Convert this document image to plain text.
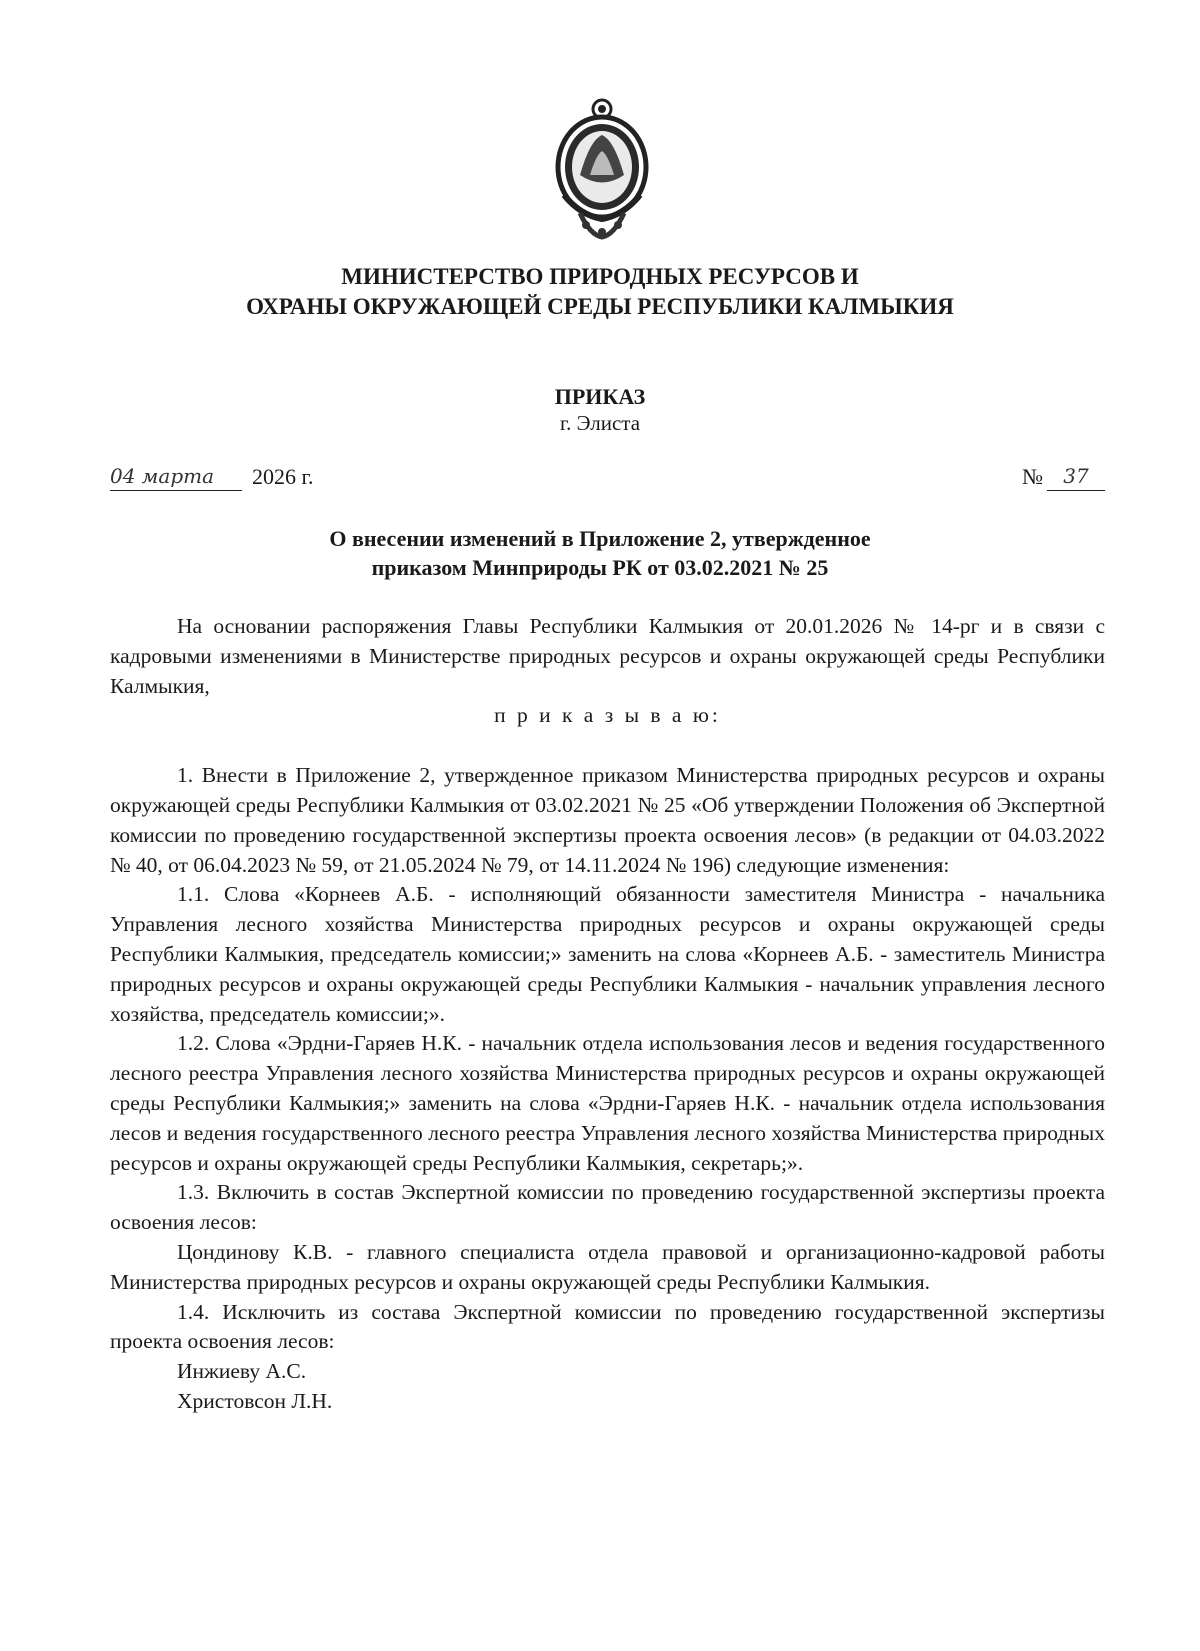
МИНИСТЕРСТВО ПРИРОДНЫХ РЕСУРСОВ И
ОХРАНЫ ОКРУЖАЮЩЕЙ СРЕДЫ РЕСПУБЛИКИ КАЛМЫКИЯ
ПРИКАЗ
г. Элиста
04 марта	2026 г.	№	37
О внесении изменений в Приложение 2, утвержденное
приказом Минприроды РК от 03.02.2021 № 25

На основании распоряжения Главы Республики Калмыкия от 20.01.2026 № 14-рг и в связи с кадровыми изменениями в Министерстве природных ресурсов и охраны окружающей среды Республики Калмыкия,

п р и к а з ы в а ю:

1. Внести в Приложение 2, утвержденное приказом Министерства природных ресурсов и охраны окружающей среды Республики Калмыкия от 03.02.2021 № 25 «Об утверждении Положения об Экспертной комиссии по проведению государственной экспертизы проекта освоения лесов» (в редакции от 04.03.2022 № 40, от 06.04.2023 № 59, от 21.05.2024 № 79, от 14.11.2024 № 196) следующие изменения:

1.1. Слова «Корнеев А.Б. - исполняющий обязанности заместителя Министра - начальника Управления лесного хозяйства Министерства природных ресурсов и охраны окружающей среды Республики Калмыкия, председатель комиссии;» заменить на слова «Корнеев А.Б. - заместитель Министра природных ресурсов и охраны окружающей среды Республики Калмыкия - начальник управления лесного хозяйства, председатель комиссии;».

1.2. Слова «Эрдни-Гаряев Н.К. - начальник отдела использования лесов и ведения государственного лесного реестра Управления лесного хозяйства Министерства природных ресурсов и охраны окружающей среды Республики Калмыкия;» заменить на слова «Эрдни-Гаряев Н.К. - начальник отдела использования лесов и ведения государственного лесного реестра Управления лесного хозяйства Министерства природных ресурсов и охраны окружающей среды Республики Калмыкия, секретарь;».

1.3. Включить в состав Экспертной комиссии по проведению государственной экспертизы проекта освоения лесов:

Цондинову К.В. - главного специалиста отдела правовой и организационно-кадровой работы Министерства природных ресурсов и охраны окружающей среды Республики Калмыкия.

1.4. Исключить из состава Экспертной комиссии по проведению государственной экспертизы проекта освоения лесов:

Инжиеву А.С.

Христовсон Л.Н.
